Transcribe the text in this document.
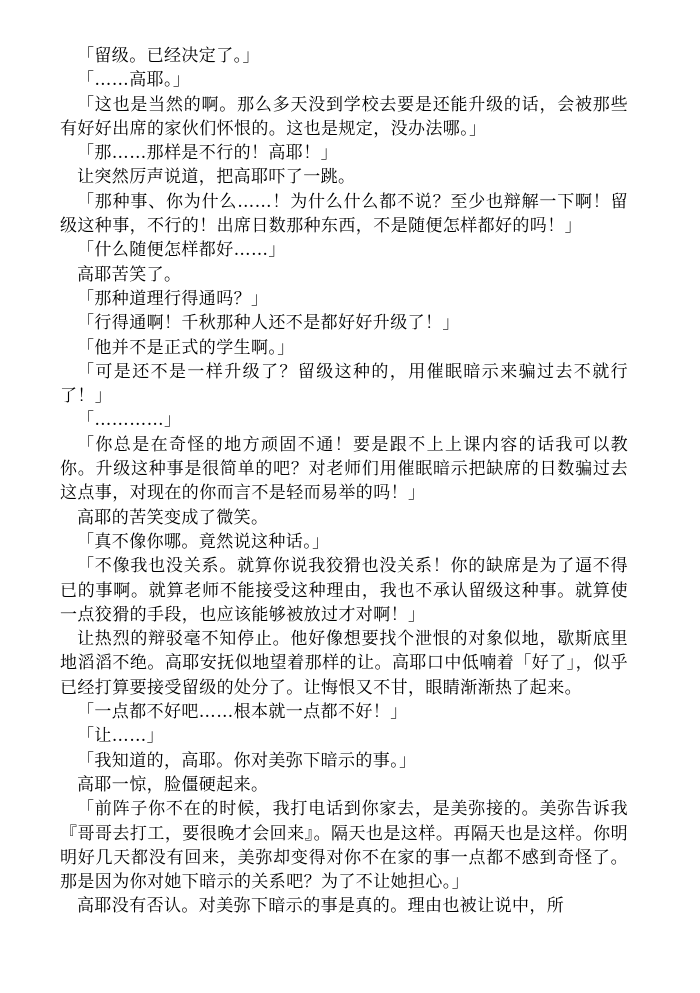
「留级。已经决定了。」

「……高耶。」

「这也是当然的啊。那么多天没到学校去要是还能升级的话，会被那些有好好出席的家伙们怀恨的。这也是规定，没办法哪。」

「那……那样是不行的！高耶！」

让突然厉声说道，把高耶吓了一跳。

「那种事、你为什么……！为什么什么都不说？至少也辩解一下啊！留级这种事，不行的！出席日数那种东西，不是随便怎样都好的吗！」

「什么随便怎样都好……」

高耶苦笑了。

「那种道理行得通吗？」

「行得通啊！千秋那种人还不是都好好升级了！」

「他并不是正式的学生啊。」

「可是还不是一样升级了？留级这种的，用催眠暗示来骗过去不就行了！」

「…………」

「你总是在奇怪的地方顽固不通！要是跟不上上课内容的话我可以教你。升级这种事是很简单的吧？对老师们用催眠暗示把缺席的日数骗过去这点事，对现在的你而言不是轻而易举的吗！」

高耶的苦笑变成了微笑。

「真不像你哪。竟然说这种话。」

「不像我也没关系。就算你说我狡猾也没关系！你的缺席是为了逼不得已的事啊。就算老师不能接受这种理由，我也不承认留级这种事。就算使一点狡猾的手段，也应该能够被放过才对啊！」

让热烈的辩驳毫不知停止。他好像想要找个泄恨的对象似地，歇斯底里地滔滔不绝。高耶安抚似地望着那样的让。高耶口中低喃着「好了」，似乎已经打算要接受留级的处分了。让悔恨又不甘，眼睛渐渐热了起来。

「一点都不好吧……根本就一点都不好！」

「让……」

「我知道的，高耶。你对美弥下暗示的事。」

高耶一惊，脸僵硬起来。

「前阵子你不在的时候，我打电话到你家去，是美弥接的。美弥告诉我『哥哥去打工，要很晚才会回来』。隔天也是这样。再隔天也是这样。你明明好几天都没有回来，美弥却变得对你不在家的事一点都不感到奇怪了。那是因为你对她下暗示的关系吧？为了不让她担心。」

高耶没有否认。对美弥下暗示的事是真的。理由也被让说中，所
